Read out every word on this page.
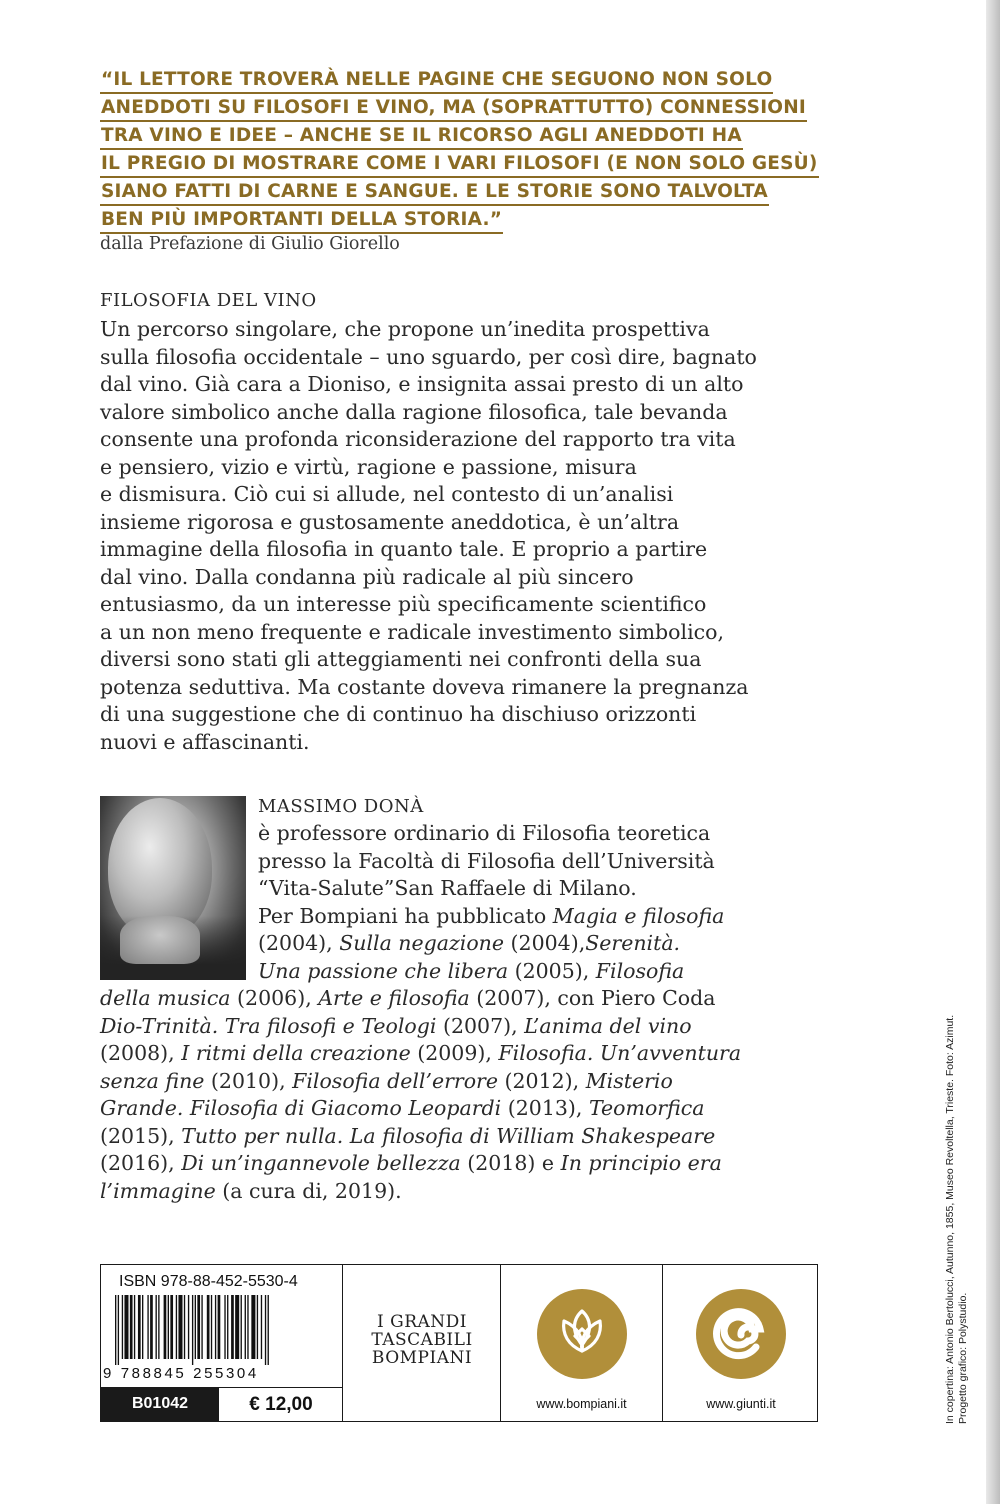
“IL LETTORE TROVERÀ NELLE PAGINE CHE SEGUONO NON SOLO
ANEDDOTI SU FILOSOFI E VINO, MA (SOPRATTUTTO) CONNESSIONI
TRA VINO E IDEE – ANCHE SE IL RICORSO AGLI ANEDDOTI HA
IL PREGIO DI MOSTRARE COME I VARI FILOSOFI (E NON SOLO GESÙ)
SIANO FATTI DI CARNE E SANGUE. E LE STORIE SONO TALVOLTA
BEN PIÙ IMPORTANTI DELLA STORIA.”
dalla Prefazione di Giulio Giorello
FILOSOFIA DEL VINO
Un percorso singolare, che propone un’inedita prospettiva
sulla filosofia occidentale – uno sguardo, per così dire, bagnato
dal vino. Già cara a Dioniso, e insignita assai presto di un alto
valore simbolico anche dalla ragione filosofica, tale bevanda
consente una profonda riconsiderazione del rapporto tra vita
e pensiero, vizio e virtù, ragione e passione, misura
e dismisura. Ciò cui si allude, nel contesto di un’analisi
insieme rigorosa e gustosamente aneddotica, è un’altra
immagine della filosofia in quanto tale. E proprio a partire
dal vino. Dalla condanna più radicale al più sincero
entusiasmo, da un interesse più specificamente scientifico
a un non meno frequente e radicale investimento simbolico,
diversi sono stati gli atteggiamenti nei confronti della sua
potenza seduttiva. Ma costante doveva rimanere la pregnanza
di una suggestione che di continuo ha dischiuso orizzonti
nuovi e affascinanti.
MASSIMO DONÀ
è professore ordinario di Filosofia teoretica
presso la Facoltà di Filosofia dell’Università
“Vita-Salute”San Raffaele di Milano.
Per Bompiani ha pubblicato Magia e filosofia
(2004), Sulla negazione (2004),Serenità.
Una passione che libera (2005), Filosofia
della musica (2006), Arte e filosofia (2007), con Piero Coda
Dio-Trinità. Tra filosofi e Teologi (2007), L’anima del vino
(2008), I ritmi della creazione (2009), Filosofia. Un’avventura
senza fine (2010), Filosofia dell’errore (2012), Misterio
Grande. Filosofia di Giacomo Leopardi (2013), Teomorfica
(2015), Tutto per nulla. La filosofia di William Shakespeare
(2016), Di un’ingannevole bellezza (2018) e In principio era
l’immagine (a cura di, 2019).
ISBN 978-88-452-5530-4
9 788845 255304
B01042	€ 12,00
I GRANDI
TASCABILI
BOMPIANI
www.bompiani.it	www.giunti.it	In copertina: Antonio Bertolucci, Autunno, 1855, Museo Revoltella, Trieste. Foto: Azimut. Progetto grafico: Polystudio.
